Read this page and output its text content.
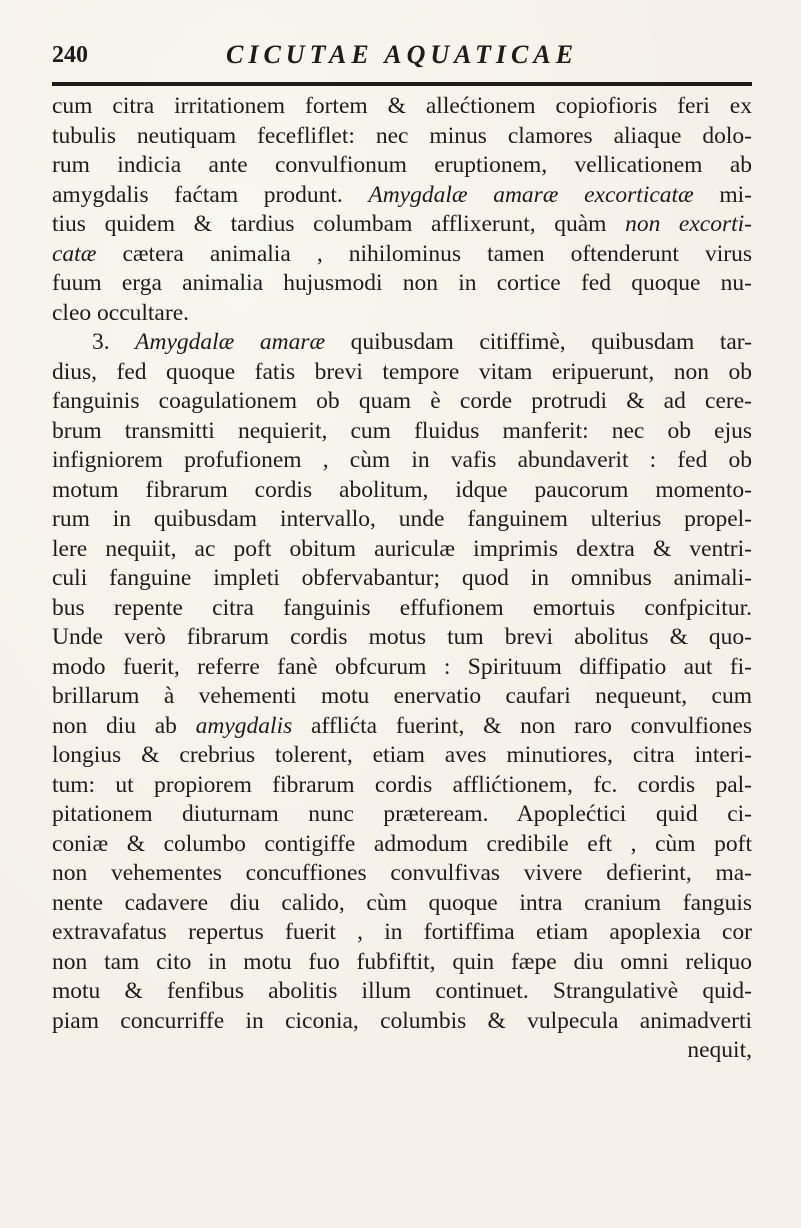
240	CICUTAE AQUATICAE
cum citra irritationem fortem & allećtionem copiofioris feri ex
tubulis neutiquam fecefliflet: nec minus clamores aliaque dolo-
rum indicia ante convulfionum eruptionem, vellicationem ab
amygdalis faćtam produnt. Amygdalæ amaræ excorticatæ mi-
tius quidem & tardius columbam afflixerunt, quàm non excorti-
catæ cætera animalia , nihilominus tamen oftenderunt virus
fuum erga animalia hujusmodi non in cortice fed quoque nu-
cleo occultare.
3. Amygdalæ amaræ quibusdam citiffimè, quibusdam tar-
dius, fed quoque fatis brevi tempore vitam eripuerunt, non ob
fanguinis coagulationem ob quam è corde protrudi & ad cere-
brum transmitti nequierit, cum fluidus manferit: nec ob ejus
infigniorem profufionem , cùm in vafis abundaverit : fed ob
motum fibrarum cordis abolitum, idque paucorum momento-
rum in quibusdam intervallo, unde fanguinem ulterius propel-
lere nequiit, ac poft obitum auriculæ imprimis dextra & ventri-
culi fanguine impleti obfervabantur; quod in omnibus animali-
bus repente citra fanguinis effufionem emortuis confpicitur.
Unde verò fibrarum cordis motus tum brevi abolitus & quo-
modo fuerit, referre fanè obfcurum : Spirituum diffipatio aut fi-
brillarum à vehementi motu enervatio caufari nequeunt, cum
non diu ab amygdalis afflićta fuerint, & non raro convulfiones
longius & crebrius tolerent, etiam aves minutiores, citra interi-
tum: ut propiorem fibrarum cordis afflićtionem, fc. cordis pal-
pitationem diuturnam nunc præteream. Apoplećtici quid ci-
coniæ & columbo contigiffe admodum credibile eft , cùm poft
non vehementes concuffiones convulfivas vivere defierint, ma-
nente cadavere diu calido, cùm quoque intra cranium fanguis
extravafatus repertus fuerit , in fortiffima etiam apoplexia cor
non tam cito in motu fuo fubfiftit, quin fæpe diu omni reliquo
motu & fenfibus abolitis illum continuet. Strangulativè quid-
piam concurriffe in ciconia, columbis & vulpecula animadverti
nequit,
